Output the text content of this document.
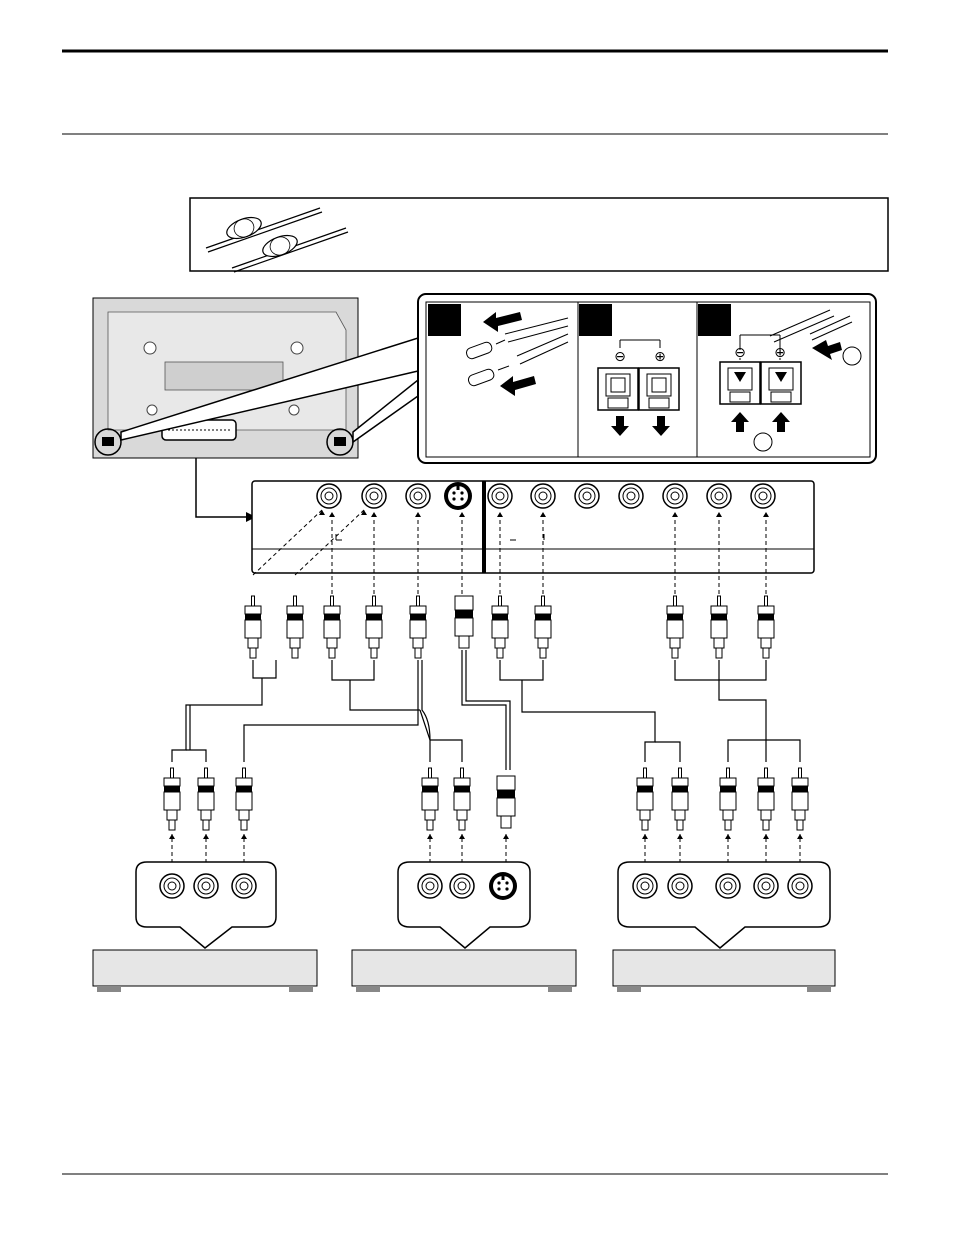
⊖ ⊕	⊖ ⊕
